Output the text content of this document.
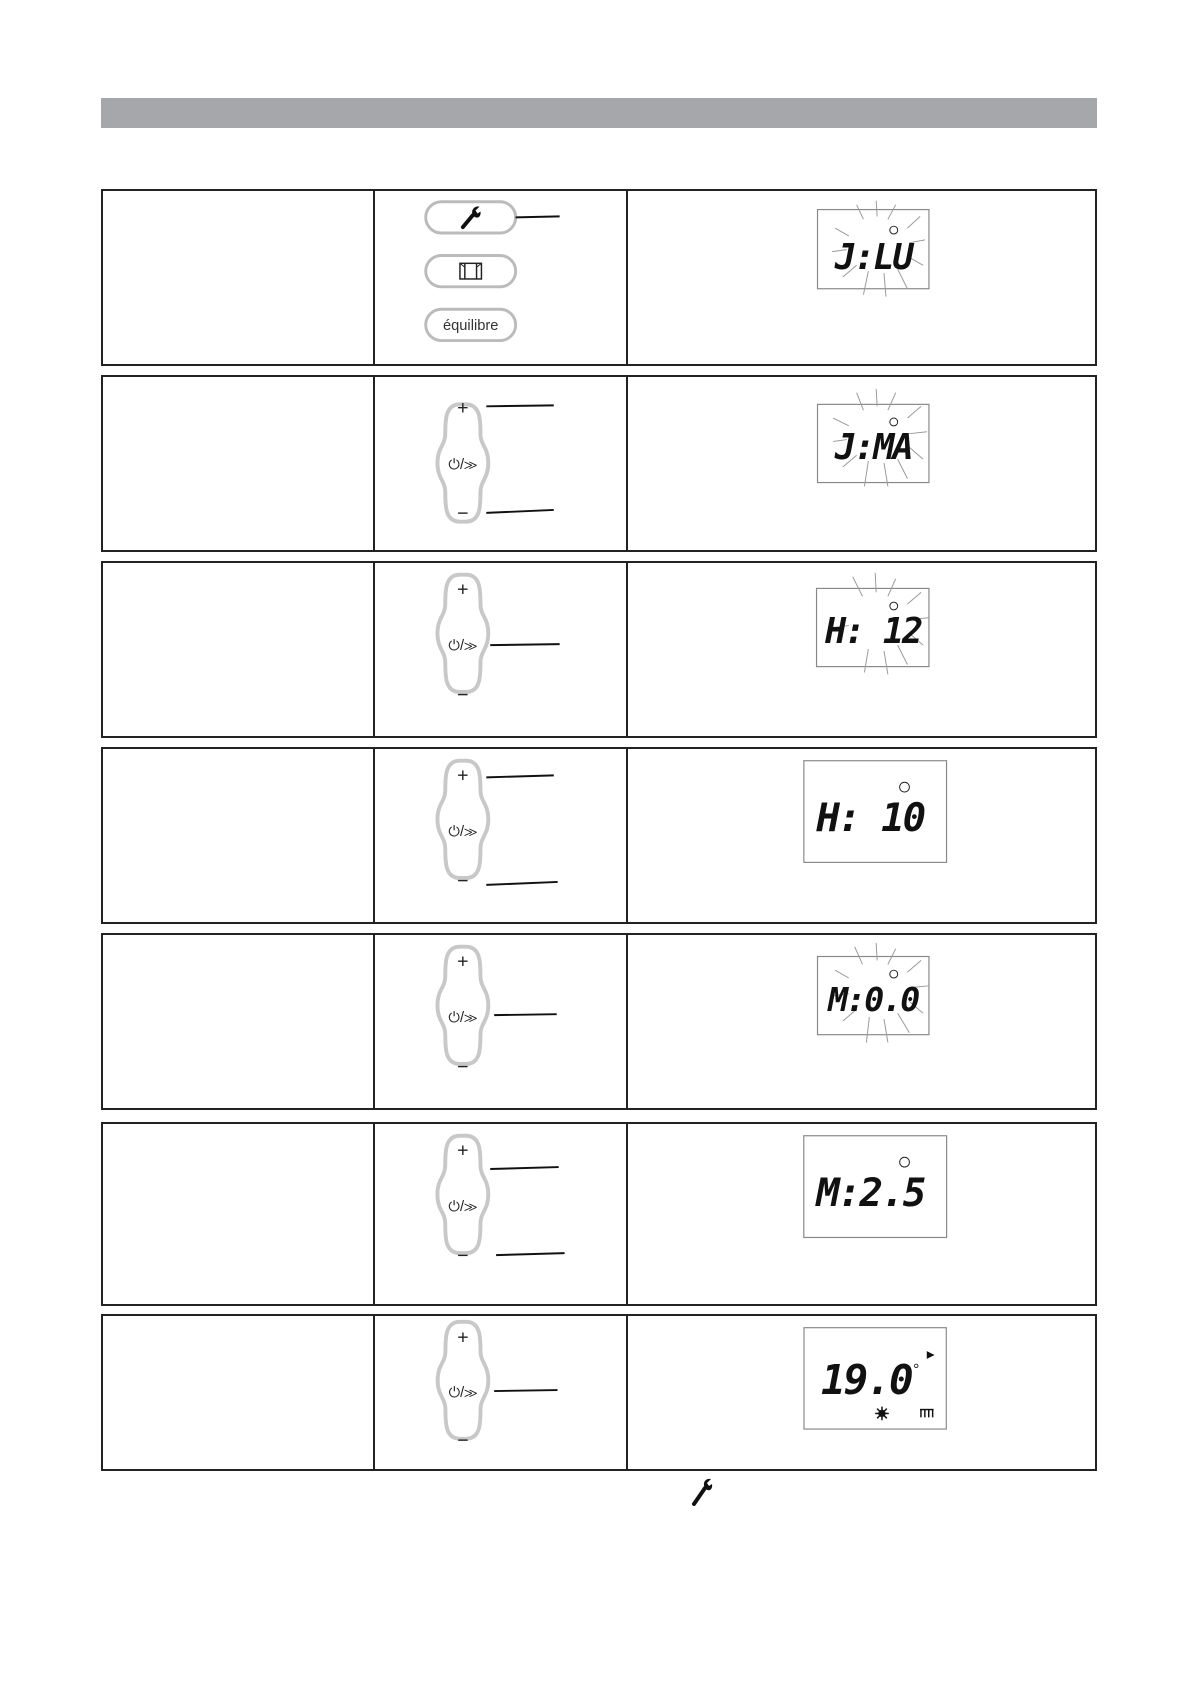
équilibre
J:LU
+
⏻/≫
−
J:MA
+
⏻/≫
−
H: 12
+
⏻/≫
−
H: 10
+
⏻/≫
−
M:0.0
+
⏻/≫
−
M:2.5
+
⏻/≫
−
19.0 °
